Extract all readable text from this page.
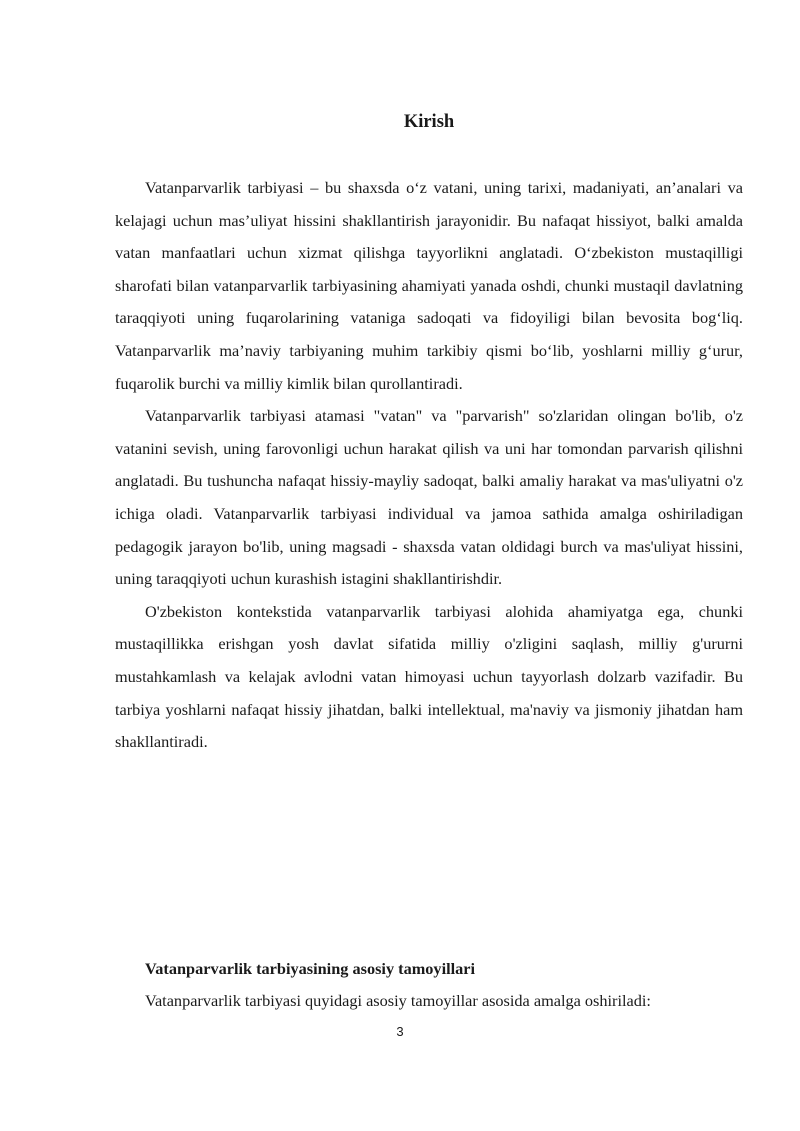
Kirish

Vatanparvarlik tarbiyasi – bu shaxsda o‘z vatani, uning tarixi, madaniyati, an’analari va kelajagi uchun mas’uliyat hissini shakllantirish jarayonidir. Bu nafaqat hissiyot, balki amalda vatan manfaatlari uchun xizmat qilishga tayyorlikni anglatadi. O‘zbekiston mustaqilligi sharofati bilan vatanparvarlik tarbiyasining ahamiyati yanada oshdi, chunki mustaqil davlatning taraqqiyoti uning fuqarolarining vataniga sadoqati va fidoyiligi bilan bevosita bog‘liq. Vatanparvarlik ma’naviy tarbiyaning muhim tarkibiy qismi bo‘lib, yoshlarni milliy g‘urur, fuqarolik burchi va milliy kimlik bilan qurollantiradi.

Vatanparvarlik tarbiyasi atamasi "vatan" va "parvarish" so'zlaridan olingan bo'lib, o'z vatanini sevish, uning farovonligi uchun harakat qilish va uni har tomondan parvarish qilishni anglatadi. Bu tushuncha nafaqat hissiy-mayliy sadoqat, balki amaliy harakat va mas'uliyatni o'z ichiga oladi. Vatanparvarlik tarbiyasi individual va jamoa sathida amalga oshiriladigan pedagogik jarayon bo'lib, uning magsadi - shaxsda vatan oldidagi burch va mas'uliyat hissini, uning taraqqiyoti uchun kurashish istagini shakllantirishdir.

O'zbekiston kontekstida vatanparvarlik tarbiyasi alohida ahamiyatga ega, chunki mustaqillikka erishgan yosh davlat sifatida milliy o'zligini saqlash, milliy g'ururni mustahkamlash va kelajak avlodni vatan himoyasi uchun tayyorlash dolzarb vazifadir. Bu tarbiya yoshlarni nafaqat hissiy jihatdan, balki intellektual, ma'naviy va jismoniy jihatdan ham shakllantiradi.

Vatanparvarlik tarbiyasining asosiy tamoyillari

Vatanparvarlik tarbiyasi quyidagi asosiy tamoyillar asosida amalga oshiriladi:

3
